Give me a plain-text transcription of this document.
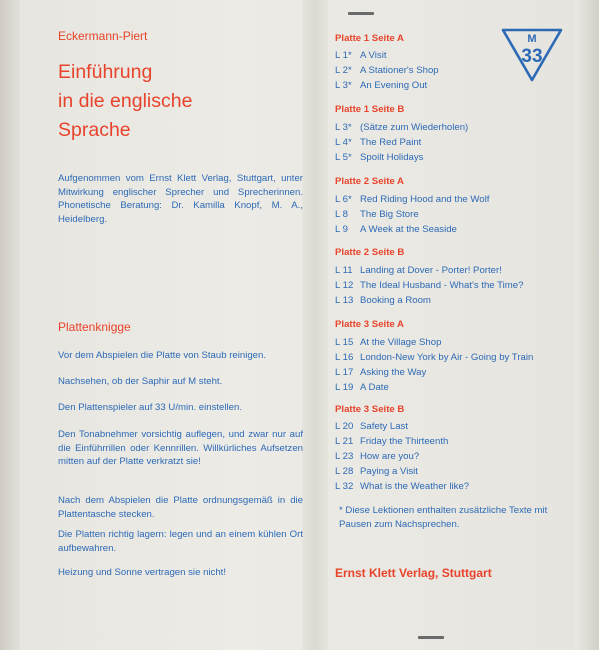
Eckermann-Piert
Einführung
in die englische
Sprache
Aufgenommen vom Ernst Klett Verlag, Stuttgart, unter Mitwirkung englischer Sprecher und Sprecherinnen. Phonetische Beratung: Dr. Kamilla Knopf, M. A., Heidelberg.
Plattenknigge
Vor dem Abspielen die Platte von Staub reinigen.
Nachsehen, ob der Saphir auf M steht.
Den Plattenspieler auf 33 U/min. einstellen.
Den Tonabnehmer vorsichtig auflegen, und zwar nur auf die Einführrillen oder Kennrillen. Willkürliches Aufsetzen mitten auf der Platte verkratzt sie!
Nach dem Abspielen die Platte ordnungsgemäß in die Plattentasche stecken.
Die Platten richtig lagern: legen und an einem kühlen Ort aufbewahren.
Heizung und Sonne vertragen sie nicht!
M
33
Platte 1 Seite A
L 1* A Visit
L 2* A Stationer's Shop
L 3* An Evening Out
Platte 1 Seite B
L 3* (Sätze zum Wiederholen)
L 4* The Red Paint
L 5* Spoilt Holidays
Platte 2 Seite A
L 6* Red Riding Hood and the Wolf
L 8 The Big Store
L 9 A Week at the Seaside
Platte 2 Seite B
L 11 Landing at Dover - Porter! Porter!
L 12 The Ideal Husband - What's the Time?
L 13 Booking a Room
Platte 3 Seite A
L 15 At the Village Shop
L 16 London-New York by Air - Going by Train
L 17 Asking the Way
L 19 A Date
Platte 3 Seite B
L 20 Safety Last
L 21 Friday the Thirteenth
L 23 How are you?
L 28 Paying a Visit
L 32 What is the Weather like?
* Diese Lektionen enthalten zusätzliche Texte mit Pausen zum Nachsprechen.
Ernst Klett Verlag, Stuttgart
